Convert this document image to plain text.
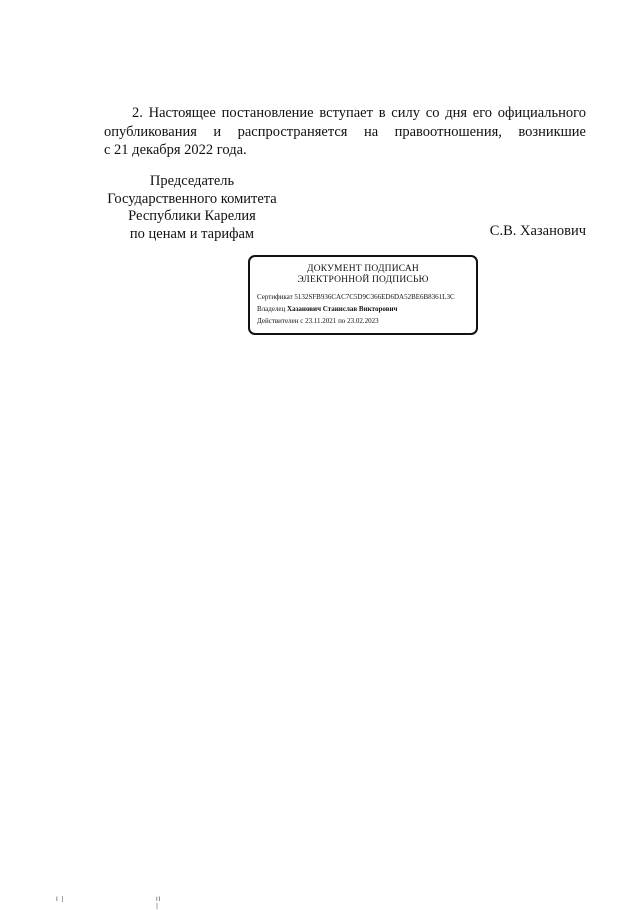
2. Настоящее постановление вступает в силу со дня его официального
опубликования и распространяется на правоотношения, возникшие
с 21 декабря 2022 года.
Председатель
Государственного комитета
Республики Карелия
по ценам и тарифам	С.В. Хазанович
ДОКУМЕНТ ПОДПИСАН
ЭЛЕКТРОННОЙ ПОДПИСЬЮ
Сертификат 5132SFB936CAC7C5D9C366ED6DA52BE6B8361L3C
Владелец Хазанович Станислав Викторович
Действителен с 23.11.2021 по 23.02.2023
I |	II |
